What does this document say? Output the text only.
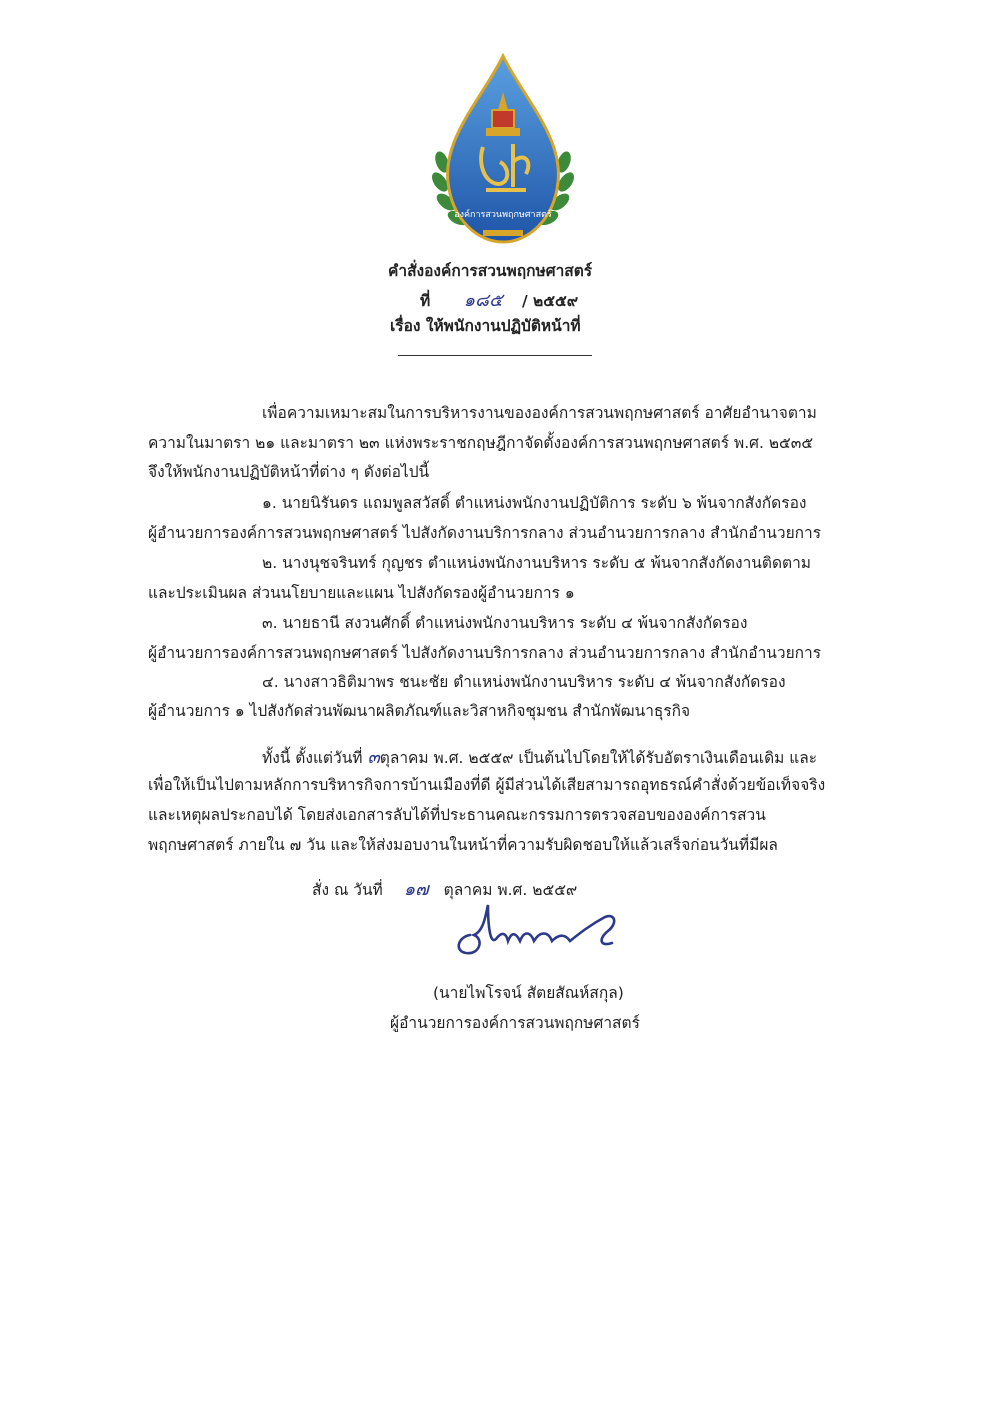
องค์การสวนพฤกษศาสตร์
คำสั่งองค์การสวนพฤกษศาสตร์
ที่ ๑๘๕ / ๒๕๕๙
เรื่อง ให้พนักงานปฏิบัติหน้าที่
เพื่อความเหมาะสมในการบริหารงานขององค์การสวนพฤกษศาสตร์ อาศัยอำนาจตาม
ความในมาตรา ๒๑ และมาตรา ๒๓ แห่งพระราชกฤษฎีกาจัดตั้งองค์การสวนพฤกษศาสตร์ พ.ศ. ๒๕๓๕
จึงให้พนักงานปฏิบัติหน้าที่ต่าง ๆ ดังต่อไปนี้
๑. นายนิรันดร แถมพูลสวัสดิ์ ตำแหน่งพนักงานปฏิบัติการ ระดับ ๖ พ้นจากสังกัดรอง
ผู้อำนวยการองค์การสวนพฤกษศาสตร์ ไปสังกัดงานบริการกลาง ส่วนอำนวยการกลาง สำนักอำนวยการ
๒. นางนุชจรินทร์ กุญชร ตำแหน่งพนักงานบริหาร ระดับ ๕ พ้นจากสังกัดงานติดตาม
และประเมินผล ส่วนนโยบายและแผน ไปสังกัดรองผู้อำนวยการ ๑
๓. นายธานี สงวนศักดิ์ ตำแหน่งพนักงานบริหาร ระดับ ๔ พ้นจากสังกัดรอง
ผู้อำนวยการองค์การสวนพฤกษศาสตร์ ไปสังกัดงานบริการกลาง ส่วนอำนวยการกลาง สำนักอำนวยการ
๔. นางสาวธิติมาพร ชนะชัย ตำแหน่งพนักงานบริหาร ระดับ ๔ พ้นจากสังกัดรอง
ผู้อำนวยการ ๑ ไปสังกัดส่วนพัฒนาผลิตภัณฑ์และวิสาหกิจชุมชน สำนักพัฒนาธุรกิจ
ทั้งนี้ ตั้งแต่วันที่ ๓ตุลาคม พ.ศ. ๒๕๕๙ เป็นต้นไปโดยให้ได้รับอัตราเงินเดือนเดิม และ
เพื่อให้เป็นไปตามหลักการบริหารกิจการบ้านเมืองที่ดี ผู้มีส่วนได้เสียสามารถอุทธรณ์คำสั่งด้วยข้อเท็จจริง
และเหตุผลประกอบได้ โดยส่งเอกสารลับได้ที่ประธานคณะกรรมการตรวจสอบขององค์การสวน
พฤกษศาสตร์ ภายใน ๗ วัน และให้ส่งมอบงานในหน้าที่ความรับผิดชอบให้แล้วเสร็จก่อนวันที่มีผล
สั่ง ณ วันที่ ๑๗ ตุลาคม พ.ศ. ๒๕๕๙
(นายไพโรจน์ สัตยสัณห์สกุล)
ผู้อำนวยการองค์การสวนพฤกษศาสตร์
